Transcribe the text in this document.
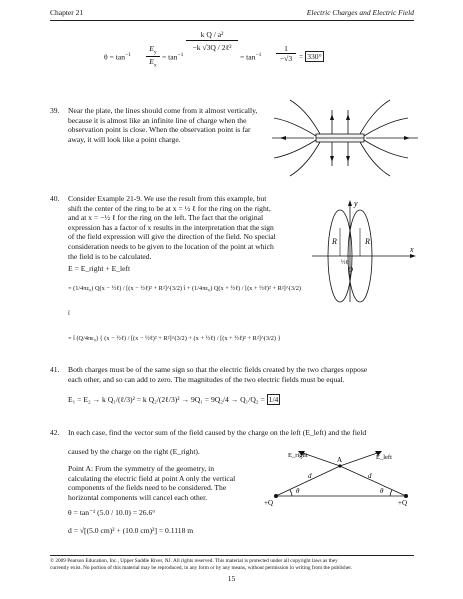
Chapter 21	Electric Charges and Electric Field
$\theta = \tan^{-1}$
$E_y$
$E_x$
= $\tan^{-1}$
k Q / a²
−k √3Q / 2ℓ²
= $\tan^{-1}$
1
−√3 = 330°
39. Near the plate, the lines should come from it almost vertically,
because it is almost like an infinite line of charge when the
observation point is close. When the observation point is far
away, it will look like a point charge.
40. Consider Example 21-9. We use the result from this example, but
shift the center of the ring to be at x = ½ ℓ for the ring on the right,
and at x = −½ ℓ for the ring on the left. The fact that the original
expression has a factor of x results in the interpretation that the sign
of the field expression will give the direction of the field. No special
consideration needs to be given to the location of the point at which
the field is to be calculated.
E = E_right + E_left
= (1/4πε₀) Q(x − ½ℓ) / [(x − ½ℓ)² + R²]^(3/2) î + (1/4πε₀) Q(x + ½ℓ) / [(x + ½ℓ)² + R²]^(3/2) î
= î (Q/4πε₀) { (x − ½ℓ) / [(x − ½ℓ)² + R²]^(3/2) + (x + ½ℓ) / [(x + ½ℓ)² + R²]^(3/2) }
y
x
R	R
½ℓ
O
41. Both charges must be of the same sign so that the electric fields created by the two charges oppose
each other, and so can add to zero. The magnitudes of the two electric fields must be equal.
E₁ = E₂ → k Q₁/(ℓ/3)² = k Q₂/(2ℓ/3)² → 9Q₁ = 9Q₂/4 → Q₁/Q₂ = 1/4
42. In each case, find the vector sum of the field caused by the charge on the left (E_left) and the field
caused by the charge on the right (E_right).
Point A: From the symmetry of the geometry, in
calculating the electric field at point A only the vertical
components of the fields need to be considered. The
horizontal components will cancel each other.
θ = tan⁻¹ (5.0 / 10.0) = 26.6°
d = √[(5.0 cm)² + (10.0 cm)²] = 0.1118 m
E_right	E_left
A
d	d
θ	θ
+Q	+Q
© 2009 Pearson Education, Inc., Upper Saddle River, NJ. All rights reserved. This material is protected under all copyright laws as they
currently exist. No portion of this material may be reproduced, in any form or by any means, without permission in writing from the publisher.
15
